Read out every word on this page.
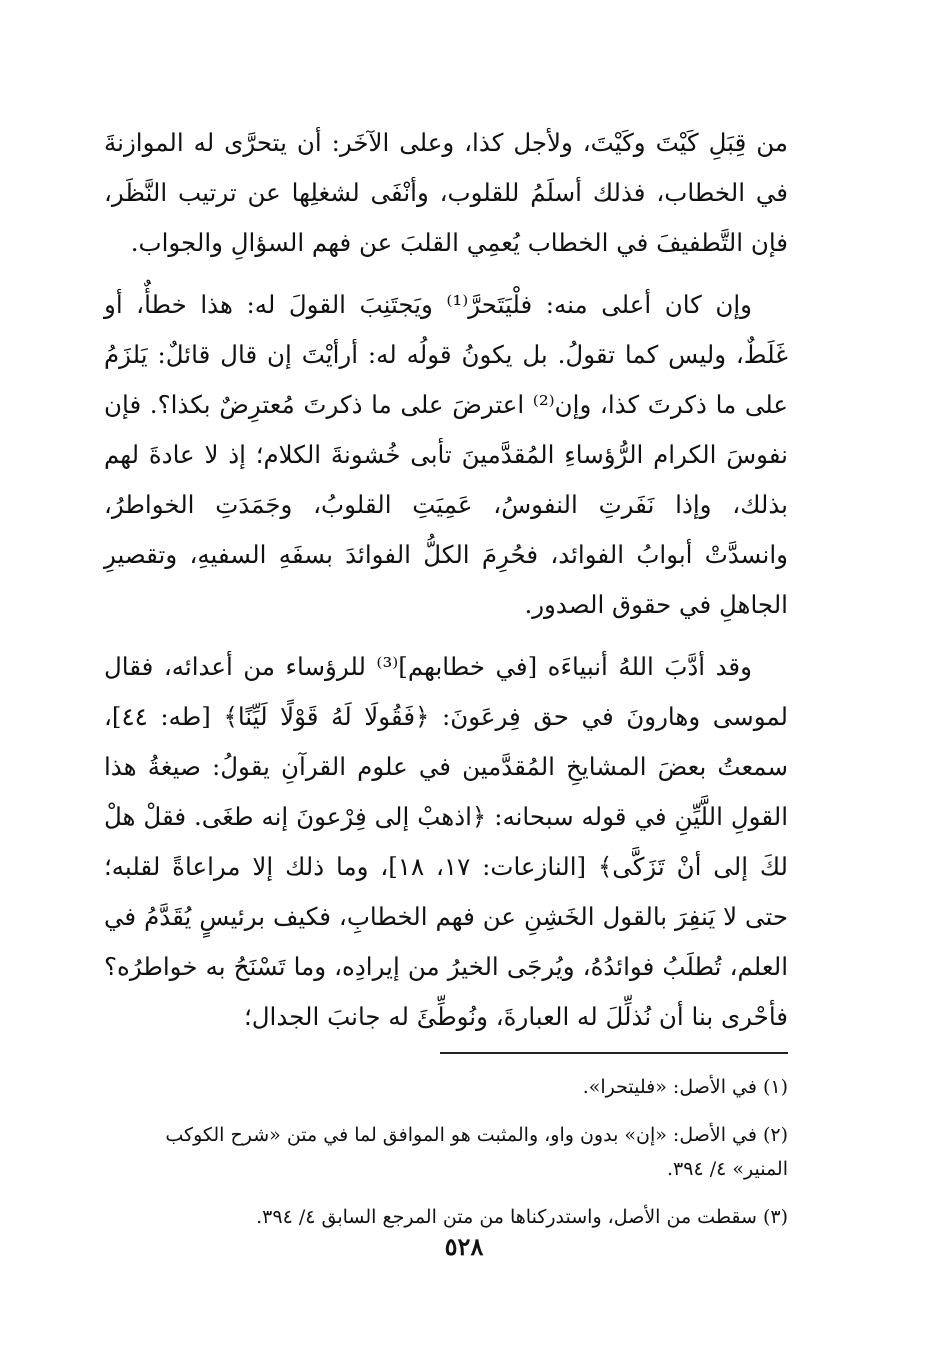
من قِبَلِ كَيْتَ وكَيْتَ، ولأجل كذا، وعلى الآخَر: أن يتحرَّى له الموازنةَ في الخطاب، فذلك أسلَمُ للقلوب، وأنْفَى لشغلِها عن ترتيب النَّظَر، فإن التَّطفيفَ في الخطاب يُعمِي القلبَ عن فهم السؤالِ والجواب.

وإن كان أعلى منه: فلْيَتَحرَّ⁽¹⁾ ويَجتَنِبَ القولَ له: هذا خطأٌ، أو غَلَطٌ، وليس كما تقولُ. بل يكونُ قولُه له: أرأيْتَ إن قال قائلٌ: يَلزَمُ على ما ذكرتَ كذا، وإن⁽²⁾ اعترضَ على ما ذكرتَ مُعترِضٌ بكذا؟. فإن نفوسَ الكرام الرُّؤساءِ المُقدَّمينَ تأبى خُشونةَ الكلام؛ إذ لا عادةَ لهم بذلك، وإذا نَفَرتِ النفوسُ، عَمِيَتِ القلوبُ، وجَمَدَتِ الخواطرُ، وانسدَّتْ أبوابُ الفوائد، فحُرِمَ الكلُّ الفوائدَ بسفَهِ السفيهِ، وتقصيرِ الجاهلِ في حقوق الصدور.

وقد أدَّبَ اللهُ أنبياءَه [في خطابهم]⁽³⁾ للرؤساء من أعدائه، فقال لموسى وهارونَ في حق فِرعَونَ: ﴿فَقُولَا لَهُ قَوْلًا لَيِّنًا﴾ [طه: ٤٤]، سمعتُ بعضَ المشايخِ المُقدَّمين في علوم القرآنِ يقولُ: صيغةُ هذا القولِ اللَّيِّنِ في قوله سبحانه: ﴿اذهبْ إلى فِرْعونَ إنه طغَى. فقلْ هلْ لكَ إلى أنْ تَزَكَّى﴾ [النازعات: ١٧، ١٨]، وما ذلك إلا مراعاةً لقلبه؛ حتى لا يَنفِرَ بالقول الخَشِنِ عن فهم الخطابِ، فكيف برئيسٍ يُقَدَّمُ في العلم، تُطلَبُ فوائدُهُ، ويُرجَى الخيرُ من إيرادِه، وما تَسْنَحُ به خواطرُه؟ فأحْرى بنا أن نُذلِّلَ له العبارةَ، ونُوطِّئَ له جانبَ الجدال؛

(١)في الأصل: «فليتحرا».

(٢)في الأصل: «إن» بدون واو، والمثبت هو الموافق لما في متن «شرح الكوكب المنير» ٤/ ٣٩٤.

(٣)سقطت من الأصل، واستدركناها من متن المرجع السابق ٤/ ٣٩٤.

٥٢٨
